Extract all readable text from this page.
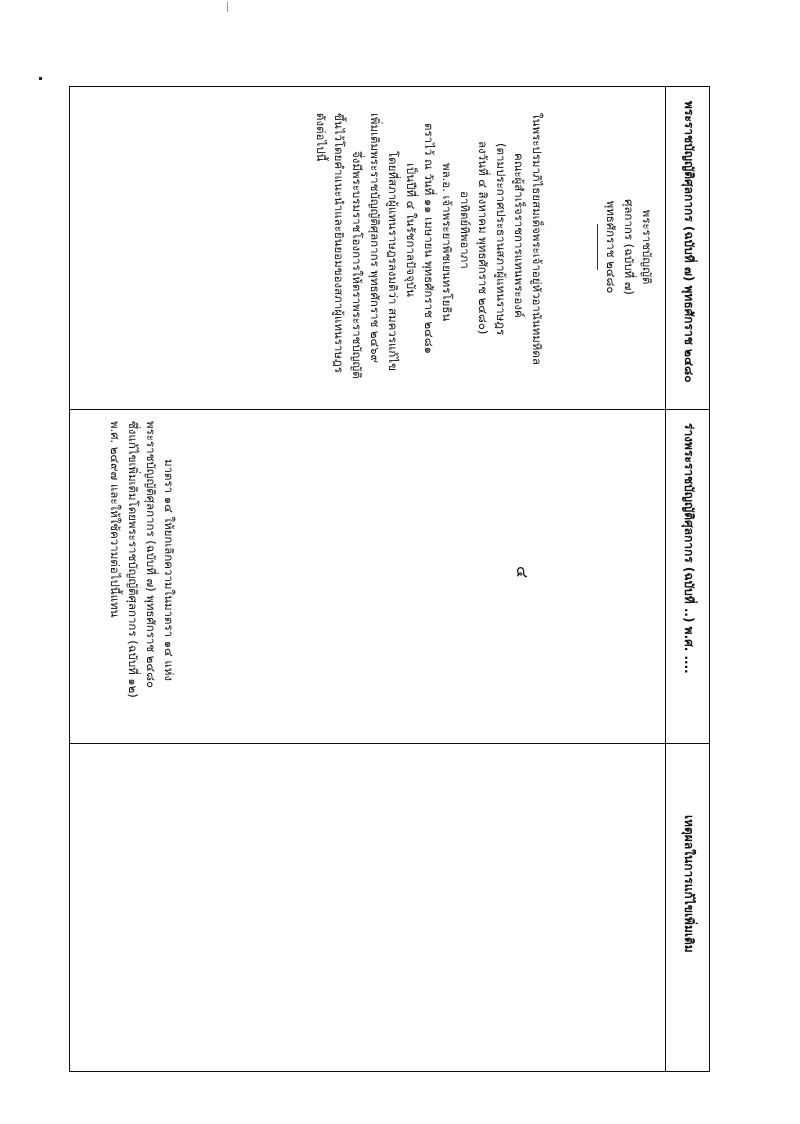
๔
พระราชบัญญัติศุลกากร (ฉบับที่ ๗) พุทธศักราช ๒๔๘๐
ร่างพระราชบัญญัติศุลกากร (ฉบับที่ ..) พ.ศ. ....
เหตุผลในการแก้ไขเพิ่มเติม
พระราชบัญญัติ
ศุลกากร (ฉบับที่ ๗)
พุทธศักราช ๒๔๘๐
ในพระปรมาภิไธยสมเด็จพระเจ้าอยู่หัวอานันทมหิดล
คณะผู้สำเร็จราชการแทนพระองค์
(ตามประกาศประธานสภาผู้แทนราษฎร
ลงวันที่ ๔ สิงหาคม พุทธศักราช ๒๔๘๐)
อาทิตย์ทิพอาภา
พล.อ. เจ้าพระยาพิชเยนทรโยธิน
ตราไว้ ณ วันที่ ๑๑ เมษายน พุทธศักราช ๒๔๘๑
เป็นปีที่ ๔ ในรัชกาลปัจจุบัน
โดยที่สภาผู้แทนราษฎรลงมติว่า สมควรแก้ไข
เพิ่มเติมพระราชบัญญัติศุลกากร พุทธศักราช ๒๔๖๙
จึ่งมีพระบรมราชโองการให้ตราพระราชบัญญัติ
ขึ้นไว้โดยคำแนะนำและยินยอมของสภาผู้แทนราษฎร
ดังต่อไปนี้
มาตรา ๑๔ ให้ยกเลิกความในมาตรา ๑๔ แห่ง
พระราชบัญญัติศุลกากร (ฉบับที่ ๗) พุทธศักราช ๒๔๘๐
ซึ่งแก้ไขเพิ่มเติมโดยพระราชบัญญัติศุลกากร (ฉบับที่ ๑๒)
พ.ศ. ๒๔๙๗ และให้ใช้ความต่อไปนี้แทน
